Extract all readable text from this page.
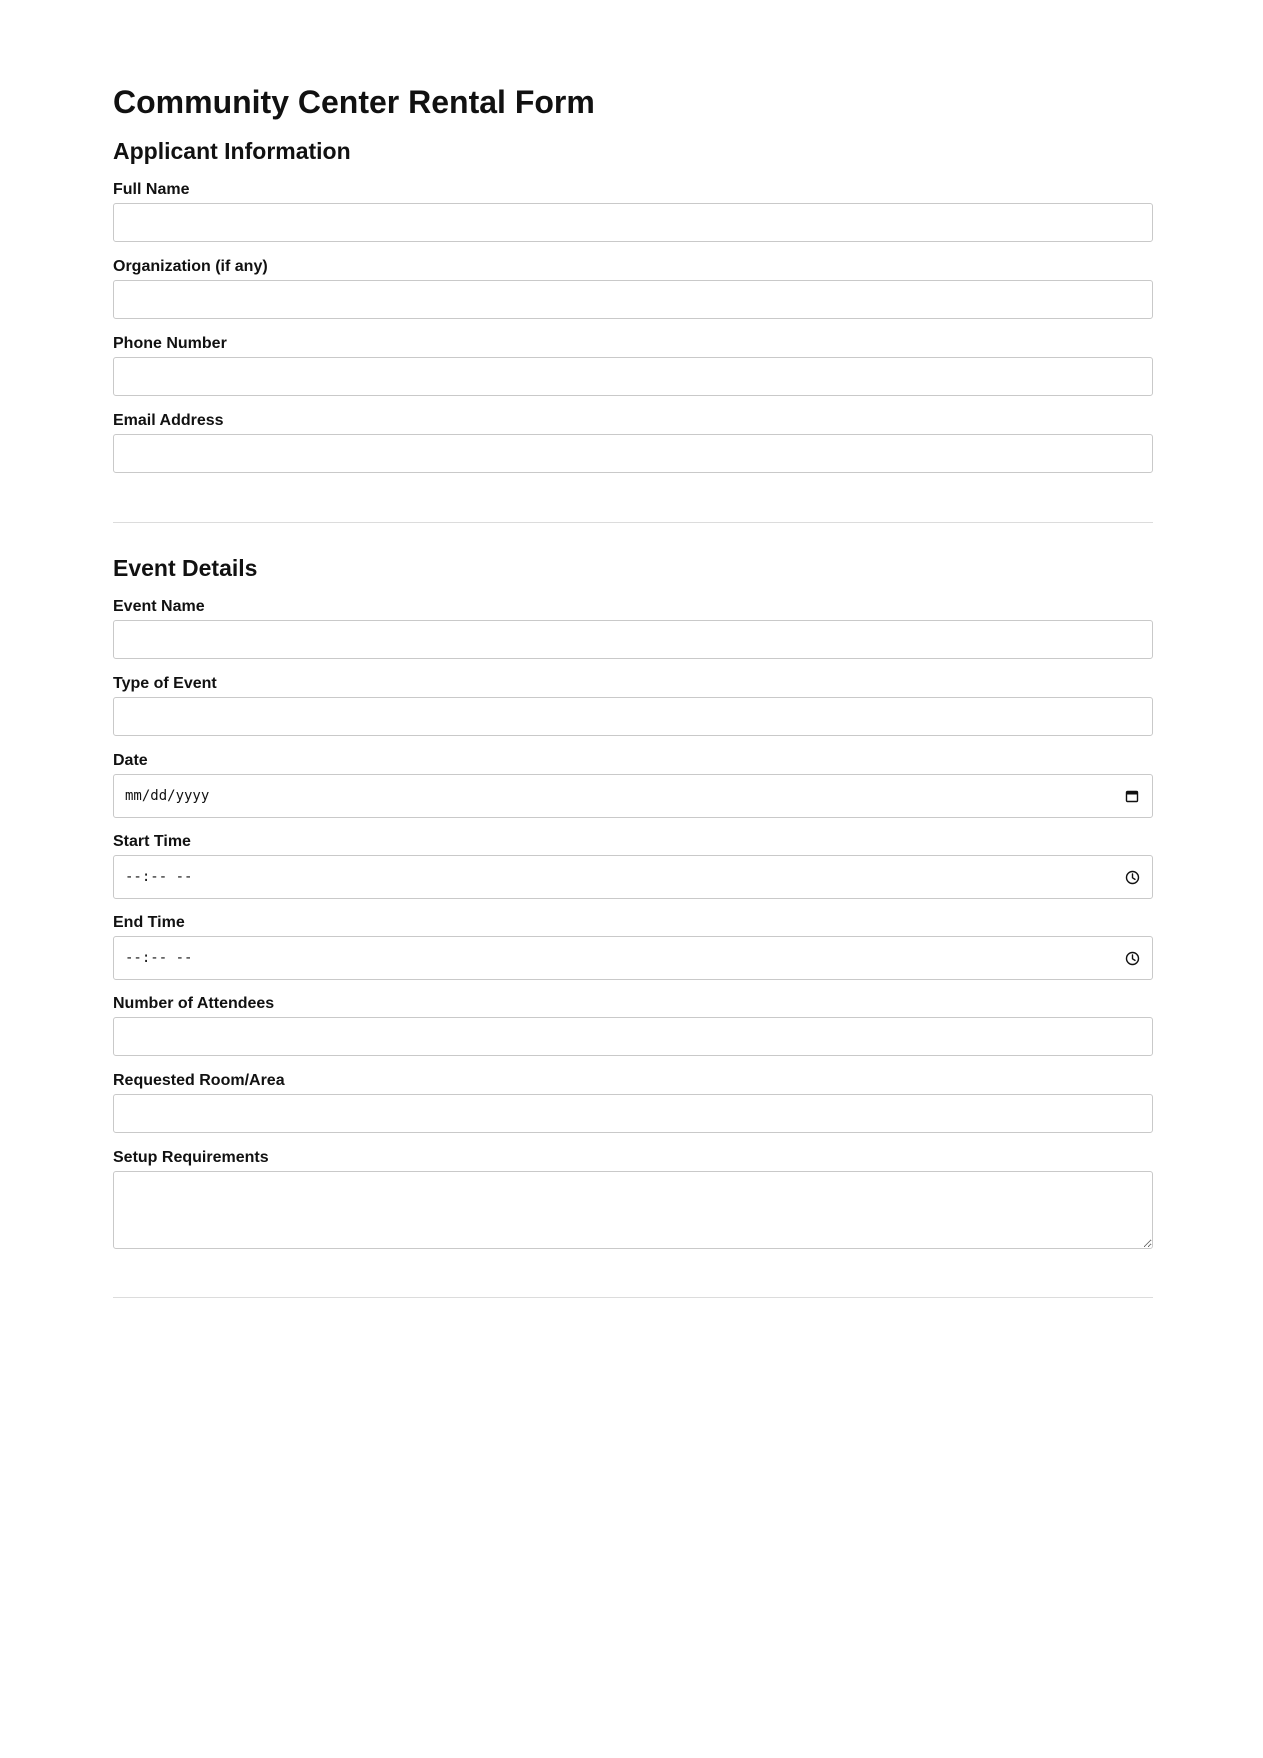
Community Center Rental Form
Applicant Information
Full Name
Organization (if any)
Phone Number
Email Address
Event Details
Event Name
Type of Event
Date
mm/dd/yyyy
Start Time
--:-- --
End Time
--:-- --
Number of Attendees
Requested Room/Area
Setup Requirements
